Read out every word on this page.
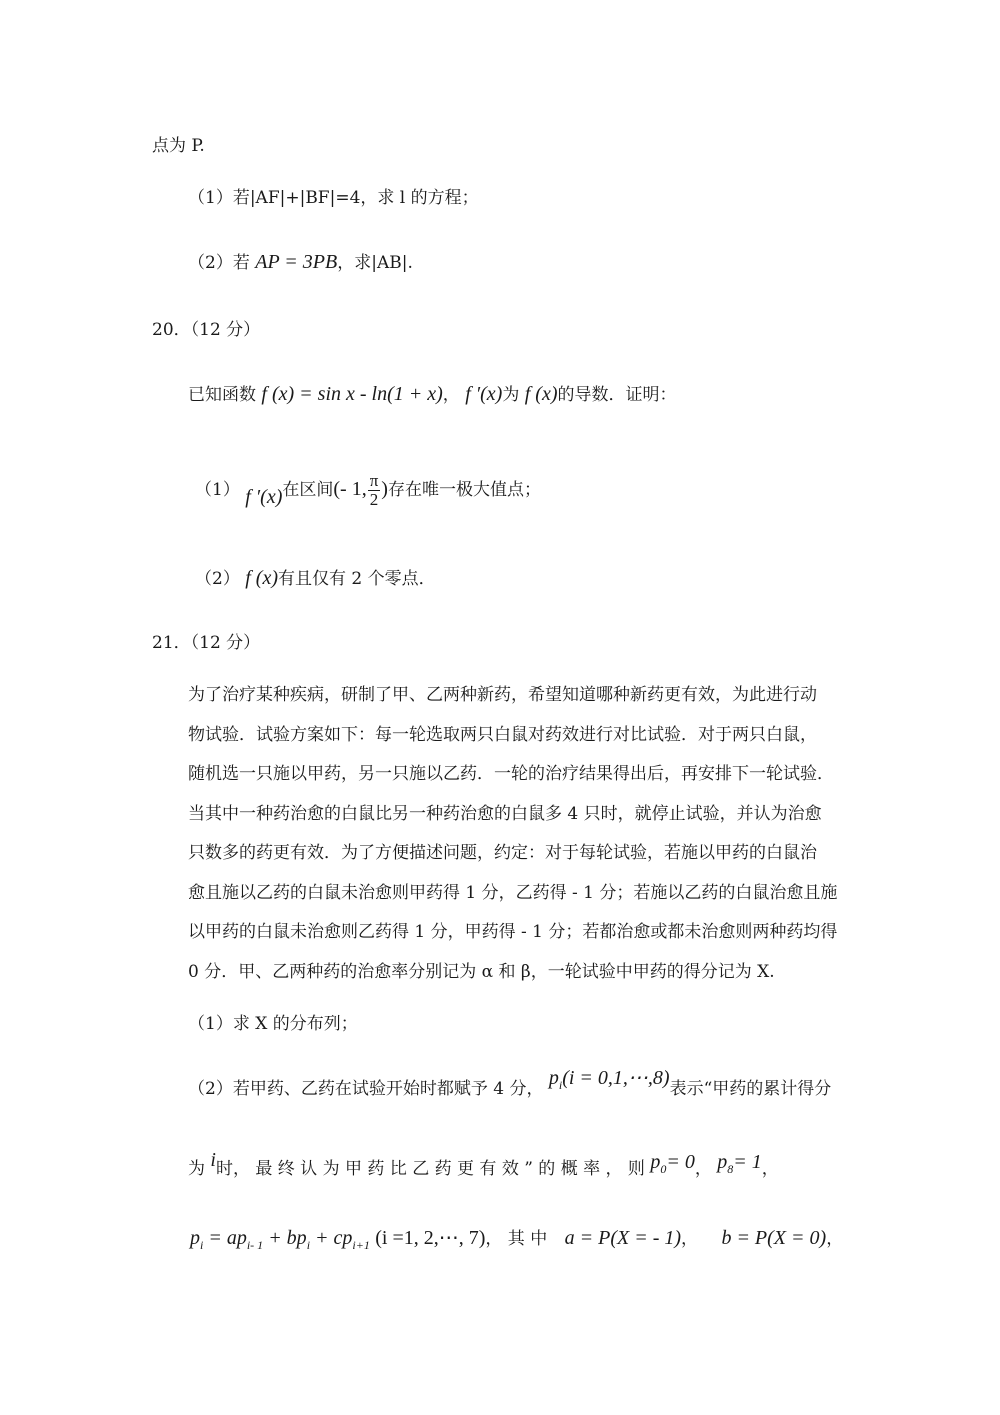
点为 P.
（1）若|AF|+|BF|=4，求 l 的方程；
（2）若 AP = 3PB，求|AB|.
20．（12 分）
已知函数 f (x) = sin x - ln(1 + x)， f ′(x)为 f (x)的导数．证明：
（1） f ′(x)在区间(- 1, $\frac{\pi}{2}$ )存在唯一极大值点；
（2） f (x)有且仅有 2 个零点．
21．（12 分）
为了治疗某种疾病，研制了甲、乙两种新药，希望知道哪种新药更有效，为此进行动
物试验．试验方案如下：每一轮选取两只白鼠对药效进行对比试验．对于两只白鼠，
随机选一只施以甲药，另一只施以乙药．一轮的治疗结果得出后，再安排下一轮试验．
当其中一种药治愈的白鼠比另一种药治愈的白鼠多 4 只时，就停止试验，并认为治愈
只数多的药更有效．为了方便描述问题，约定：对于每轮试验，若施以甲药的白鼠治
愈且施以乙药的白鼠未治愈则甲药得 1 分，乙药得 - 1 分；若施以乙药的白鼠治愈且施
以甲药的白鼠未治愈则乙药得 1 分，甲药得 - 1 分；若都治愈或都未治愈则两种药均得
0 分．甲、乙两种药的治愈率分别记为 α 和 β，一轮试验中甲药的得分记为 X.
（1）求 X 的分布列；
（2）若甲药、乙药在试验开始时都赋予 4 分， $p_i(i$ = 0,1,⋯,8)表示“甲药的累计得分
为 i时， 最 终 认 为 甲 药 比 乙 药 更 有 效 ” 的 概 率 ， 则 $p_0= 0$， $p_8= 1$，
$p_i = ap_{i- 1} + bp_i + cp_{i+1}$ (i =1, 2,⋯, 7)， 其 中 a = P(X = - 1)， b = P(X = 0)，
